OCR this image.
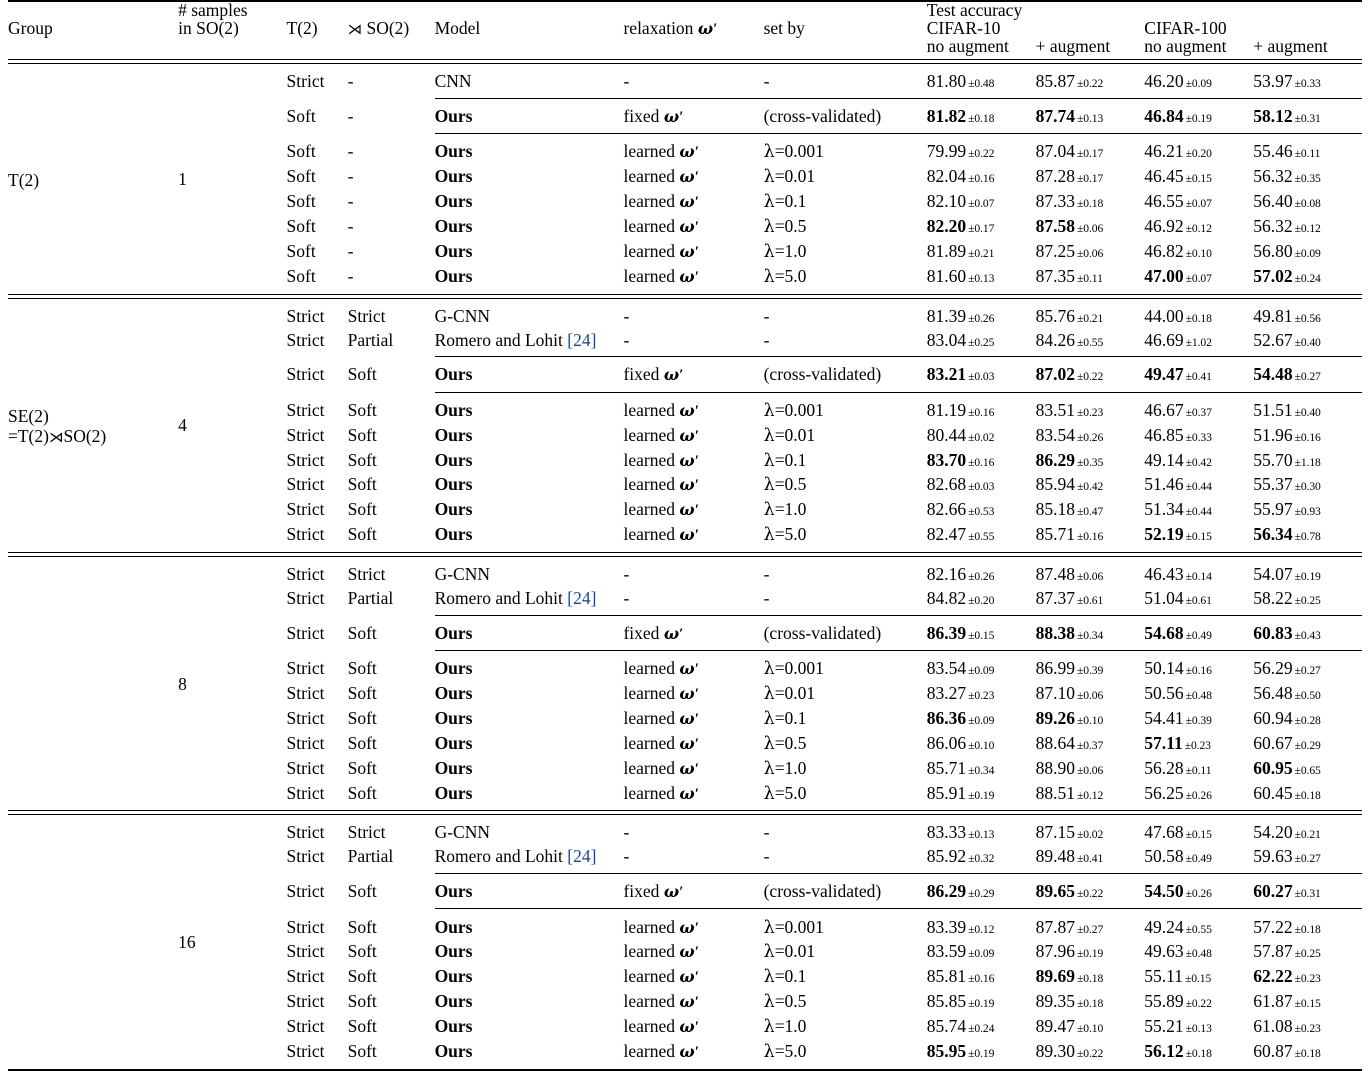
	# samples						Test accuracy			
Group	in SO(2)	T(2)	⋊ SO(2)	Model	relaxation ω′	set by	CIFAR-10		CIFAR-100	
							no augment	+ augment	no augment	+ augment

T(2)	1	Strict	-	CNN	-	-	81.80 ±0.48	85.87 ±0.22	46.20 ±0.09	53.97 ±0.33

		Soft	-	Ours	fixed ω′	(cross-validated)	81.82 ±0.18	87.74 ±0.13	46.84 ±0.19	58.12 ±0.31

		Soft	-	Ours	learned ω′	λ=0.001	79.99 ±0.22	87.04 ±0.17	46.21 ±0.20	55.46 ±0.11
		Soft	-	Ours	learned ω′	λ=0.01	82.04 ±0.16	87.28 ±0.17	46.45 ±0.15	56.32 ±0.35
		Soft	-	Ours	learned ω′	λ=0.1	82.10 ±0.07	87.33 ±0.18	46.55 ±0.07	56.40 ±0.08
		Soft	-	Ours	learned ω′	λ=0.5	82.20 ±0.17	87.58 ±0.06	46.92 ±0.12	56.32 ±0.12
		Soft	-	Ours	learned ω′	λ=1.0	81.89 ±0.21	87.25 ±0.06	46.82 ±0.10	56.80 ±0.09
		Soft	-	Ours	learned ω′	λ=5.0	81.60 ±0.13	87.35 ±0.11	47.00 ±0.07	57.02 ±0.24

SE(2)
=T(2)⋊SO(2)	4	Strict	Strict	G-CNN	-	-	81.39 ±0.26	85.76 ±0.21	44.00 ±0.18	49.81 ±0.56
		Strict	Partial	Romero and Lohit [24]	-	-	83.04 ±0.25	84.26 ±0.55	46.69 ±1.02	52.67 ±0.40

		Strict	Soft	Ours	fixed ω′	(cross-validated)	83.21 ±0.03	87.02 ±0.22	49.47 ±0.41	54.48 ±0.27

		Strict	Soft	Ours	learned ω′	λ=0.001	81.19 ±0.16	83.51 ±0.23	46.67 ±0.37	51.51 ±0.40
		Strict	Soft	Ours	learned ω′	λ=0.01	80.44 ±0.02	83.54 ±0.26	46.85 ±0.33	51.96 ±0.16
		Strict	Soft	Ours	learned ω′	λ=0.1	83.70 ±0.16	86.29 ±0.35	49.14 ±0.42	55.70 ±1.18
		Strict	Soft	Ours	learned ω′	λ=0.5	82.68 ±0.03	85.94 ±0.42	51.46 ±0.44	55.37 ±0.30
		Strict	Soft	Ours	learned ω′	λ=1.0	82.66 ±0.53	85.18 ±0.47	51.34 ±0.44	55.97 ±0.93
		Strict	Soft	Ours	learned ω′	λ=5.0	82.47 ±0.55	85.71 ±0.16	52.19 ±0.15	56.34 ±0.78

	8	Strict	Strict	G-CNN	-	-	82.16 ±0.26	87.48 ±0.06	46.43 ±0.14	54.07 ±0.19
		Strict	Partial	Romero and Lohit [24]	-	-	84.82 ±0.20	87.37 ±0.61	51.04 ±0.61	58.22 ±0.25

		Strict	Soft	Ours	fixed ω′	(cross-validated)	86.39 ±0.15	88.38 ±0.34	54.68 ±0.49	60.83 ±0.43

		Strict	Soft	Ours	learned ω′	λ=0.001	83.54 ±0.09	86.99 ±0.39	50.14 ±0.16	56.29 ±0.27
		Strict	Soft	Ours	learned ω′	λ=0.01	83.27 ±0.23	87.10 ±0.06	50.56 ±0.48	56.48 ±0.50
		Strict	Soft	Ours	learned ω′	λ=0.1	86.36 ±0.09	89.26 ±0.10	54.41 ±0.39	60.94 ±0.28
		Strict	Soft	Ours	learned ω′	λ=0.5	86.06 ±0.10	88.64 ±0.37	57.11 ±0.23	60.67 ±0.29
		Strict	Soft	Ours	learned ω′	λ=1.0	85.71 ±0.34	88.90 ±0.06	56.28 ±0.11	60.95 ±0.65
		Strict	Soft	Ours	learned ω′	λ=5.0	85.91 ±0.19	88.51 ±0.12	56.25 ±0.26	60.45 ±0.18

	16	Strict	Strict	G-CNN	-	-	83.33 ±0.13	87.15 ±0.02	47.68 ±0.15	54.20 ±0.21
		Strict	Partial	Romero and Lohit [24]	-	-	85.92 ±0.32	89.48 ±0.41	50.58 ±0.49	59.63 ±0.27

		Strict	Soft	Ours	fixed ω′	(cross-validated)	86.29 ±0.29	89.65 ±0.22	54.50 ±0.26	60.27 ±0.31

		Strict	Soft	Ours	learned ω′	λ=0.001	83.39 ±0.12	87.87 ±0.27	49.24 ±0.55	57.22 ±0.18
		Strict	Soft	Ours	learned ω′	λ=0.01	83.59 ±0.09	87.96 ±0.19	49.63 ±0.48	57.87 ±0.25
		Strict	Soft	Ours	learned ω′	λ=0.1	85.81 ±0.16	89.69 ±0.18	55.11 ±0.15	62.22 ±0.23
		Strict	Soft	Ours	learned ω′	λ=0.5	85.85 ±0.19	89.35 ±0.18	55.89 ±0.22	61.87 ±0.15
		Strict	Soft	Ours	learned ω′	λ=1.0	85.74 ±0.24	89.47 ±0.10	55.21 ±0.13	61.08 ±0.23
		Strict	Soft	Ours	learned ω′	λ=5.0	85.95 ±0.19	89.30 ±0.22	56.12 ±0.18	60.87 ±0.18
